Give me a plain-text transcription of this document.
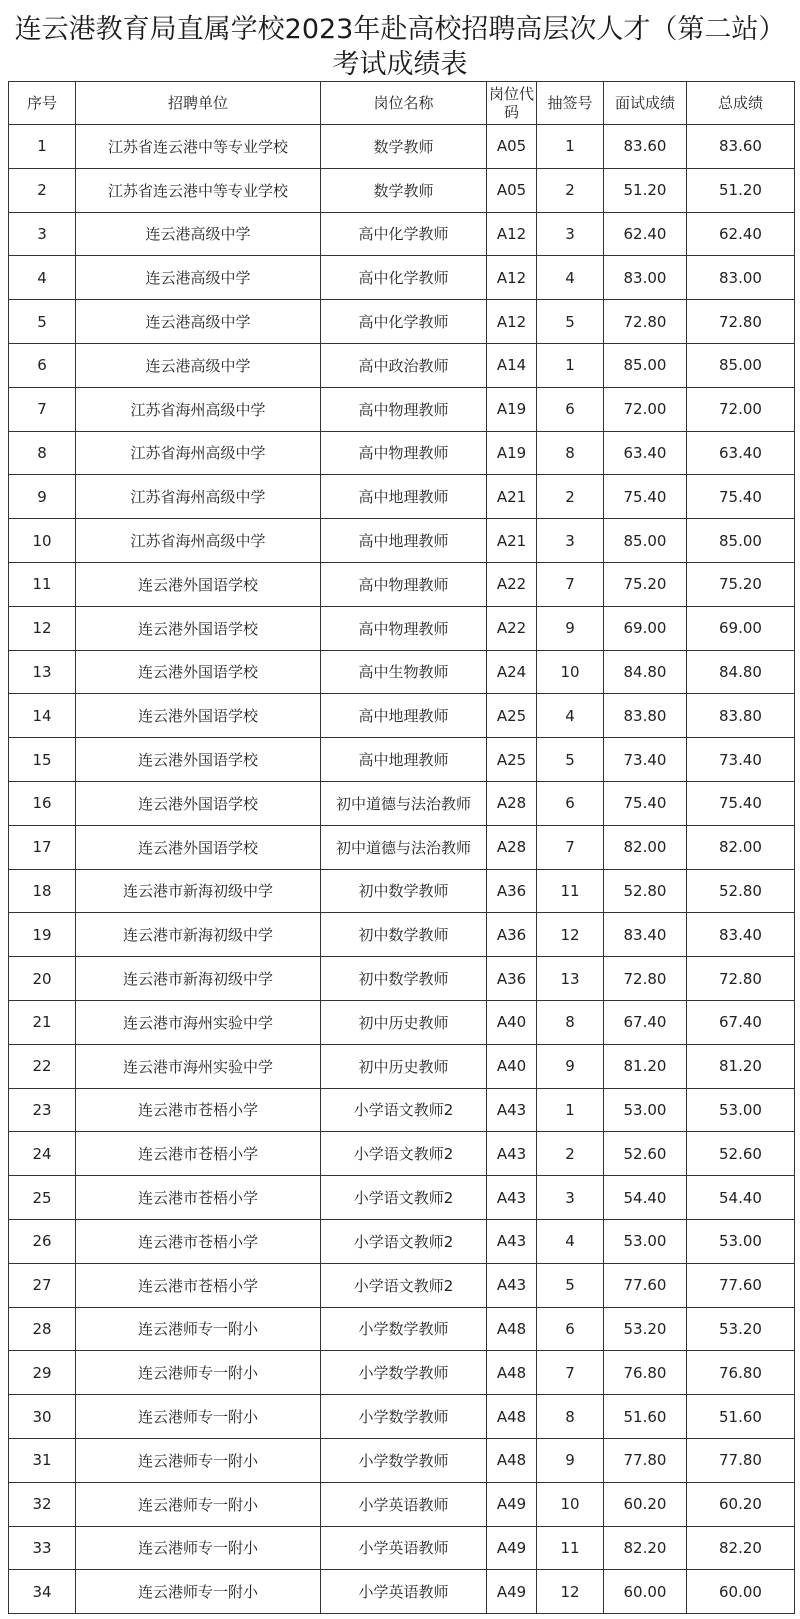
连云港教育局直属学校2023年赴高校招聘高层次人才（第二站）
考试成绩表
序号	招聘单位	岗位名称	岗位代码	抽签号	面试成绩	总成绩
1	江苏省连云港中等专业学校	数学教师	A05	1	83.60	83.60
2	江苏省连云港中等专业学校	数学教师	A05	2	51.20	51.20
3	连云港高级中学	高中化学教师	A12	3	62.40	62.40
4	连云港高级中学	高中化学教师	A12	4	83.00	83.00
5	连云港高级中学	高中化学教师	A12	5	72.80	72.80
6	连云港高级中学	高中政治教师	A14	1	85.00	85.00
7	江苏省海州高级中学	高中物理教师	A19	6	72.00	72.00
8	江苏省海州高级中学	高中物理教师	A19	8	63.40	63.40
9	江苏省海州高级中学	高中地理教师	A21	2	75.40	75.40
10	江苏省海州高级中学	高中地理教师	A21	3	85.00	85.00
11	连云港外国语学校	高中物理教师	A22	7	75.20	75.20
12	连云港外国语学校	高中物理教师	A22	9	69.00	69.00
13	连云港外国语学校	高中生物教师	A24	10	84.80	84.80
14	连云港外国语学校	高中地理教师	A25	4	83.80	83.80
15	连云港外国语学校	高中地理教师	A25	5	73.40	73.40
16	连云港外国语学校	初中道德与法治教师	A28	6	75.40	75.40
17	连云港外国语学校	初中道德与法治教师	A28	7	82.00	82.00
18	连云港市新海初级中学	初中数学教师	A36	11	52.80	52.80
19	连云港市新海初级中学	初中数学教师	A36	12	83.40	83.40
20	连云港市新海初级中学	初中数学教师	A36	13	72.80	72.80
21	连云港市海州实验中学	初中历史教师	A40	8	67.40	67.40
22	连云港市海州实验中学	初中历史教师	A40	9	81.20	81.20
23	连云港市苍梧小学	小学语文教师2	A43	1	53.00	53.00
24	连云港市苍梧小学	小学语文教师2	A43	2	52.60	52.60
25	连云港市苍梧小学	小学语文教师2	A43	3	54.40	54.40
26	连云港市苍梧小学	小学语文教师2	A43	4	53.00	53.00
27	连云港市苍梧小学	小学语文教师2	A43	5	77.60	77.60
28	连云港师专一附小	小学数学教师	A48	6	53.20	53.20
29	连云港师专一附小	小学数学教师	A48	7	76.80	76.80
30	连云港师专一附小	小学数学教师	A48	8	51.60	51.60
31	连云港师专一附小	小学数学教师	A48	9	77.80	77.80
32	连云港师专一附小	小学英语教师	A49	10	60.20	60.20
33	连云港师专一附小	小学英语教师	A49	11	82.20	82.20
34	连云港师专一附小	小学英语教师	A49	12	60.00	60.00
